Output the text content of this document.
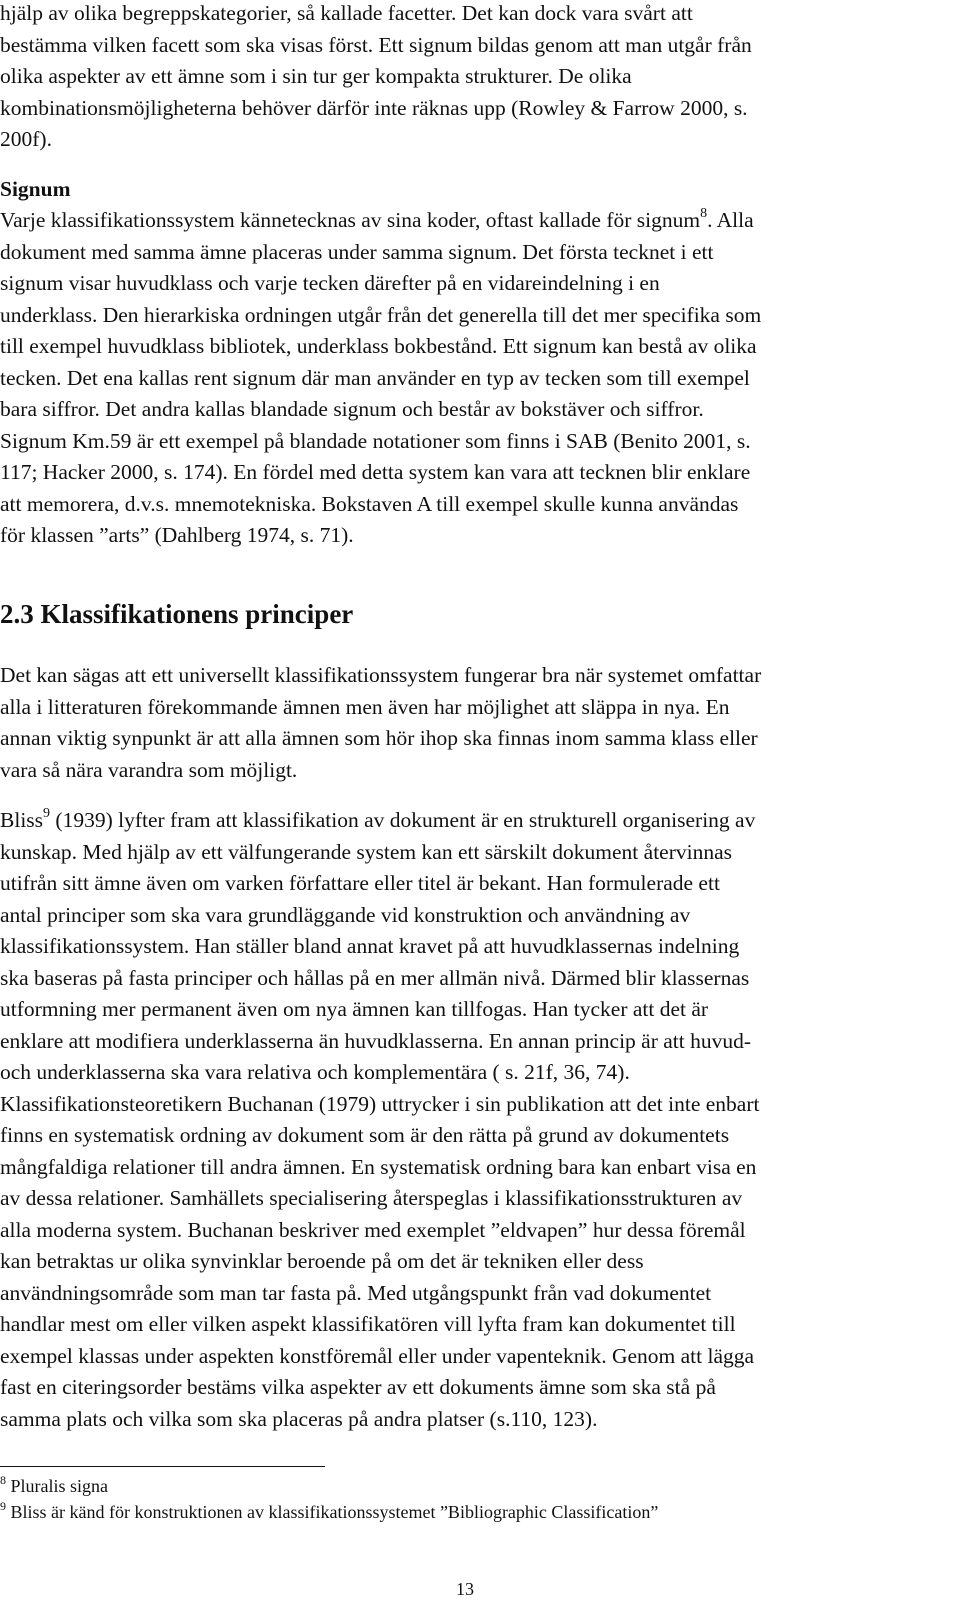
hjälp av olika begreppskategorier, så kallade facetter. Det kan dock vara svårt att
bestämma vilken facett som ska visas först. Ett signum bildas genom att man utgår från
olika aspekter av ett ämne som i sin tur ger kompakta strukturer. De olika
kombinationsmöjligheterna behöver därför inte räknas upp (Rowley & Farrow 2000, s.
200f).
Signum
Varje klassifikationssystem kännetecknas av sina koder, oftast kallade för signum$^8$. Alla
dokument med samma ämne placeras under samma signum. Det första tecknet i ett
signum visar huvudklass och varje tecken därefter på en vidareindelning i en
underklass. Den hierarkiska ordningen utgår från det generella till det mer specifika som
till exempel huvudklass bibliotek, underklass bokbestånd. Ett signum kan bestå av olika
tecken. Det ena kallas rent signum där man använder en typ av tecken som till exempel
bara siffror. Det andra kallas blandade signum och består av bokstäver och siffror.
Signum Km.59 är ett exempel på blandade notationer som finns i SAB (Benito 2001, s.
117; Hacker 2000, s. 174). En fördel med detta system kan vara att tecknen blir enklare
att memorera, d.v.s. mnemotekniska. Bokstaven A till exempel skulle kunna användas
för klassen ”arts” (Dahlberg 1974, s. 71).
2.3 Klassifikationens principer
Det kan sägas att ett universellt klassifikationssystem fungerar bra när systemet omfattar
alla i litteraturen förekommande ämnen men även har möjlighet att släppa in nya. En
annan viktig synpunkt är att alla ämnen som hör ihop ska finnas inom samma klass eller
vara så nära varandra som möjligt.
Bliss$^9$ (1939) lyfter fram att klassifikation av dokument är en strukturell organisering av
kunskap. Med hjälp av ett välfungerande system kan ett särskilt dokument återvinnas
utifrån sitt ämne även om varken författare eller titel är bekant. Han formulerade ett
antal principer som ska vara grundläggande vid konstruktion och användning av
klassifikationssystem. Han ställer bland annat kravet på att huvudklassernas indelning
ska baseras på fasta principer och hållas på en mer allmän nivå. Därmed blir klassernas
utformning mer permanent även om nya ämnen kan tillfogas. Han tycker att det är
enklare att modifiera underklasserna än huvudklasserna. En annan princip är att huvud-
och underklasserna ska vara relativa och komplementära ( s. 21f, 36, 74).
Klassifikationsteoretikern Buchanan (1979) uttrycker i sin publikation att det inte enbart
finns en systematisk ordning av dokument som är den rätta på grund av dokumentets
mångfaldiga relationer till andra ämnen. En systematisk ordning bara kan enbart visa en
av dessa relationer. Samhällets specialisering återspeglas i klassifikationsstrukturen av
alla moderna system. Buchanan beskriver med exemplet ”eldvapen” hur dessa föremål
kan betraktas ur olika synvinklar beroende på om det är tekniken eller dess
användningsområde som man tar fasta på. Med utgångspunkt från vad dokumentet
handlar mest om eller vilken aspekt klassifikatören vill lyfta fram kan dokumentet till
exempel klassas under aspekten konstföremål eller under vapenteknik. Genom att lägga
fast en citeringsorder bestäms vilka aspekter av ett dokuments ämne som ska stå på
samma plats och vilka som ska placeras på andra platser (s.110, 123).
$^8$ Pluralis signa
$^9$ Bliss är känd för konstruktionen av klassifikationssystemet ”Bibliographic Classification”
13
